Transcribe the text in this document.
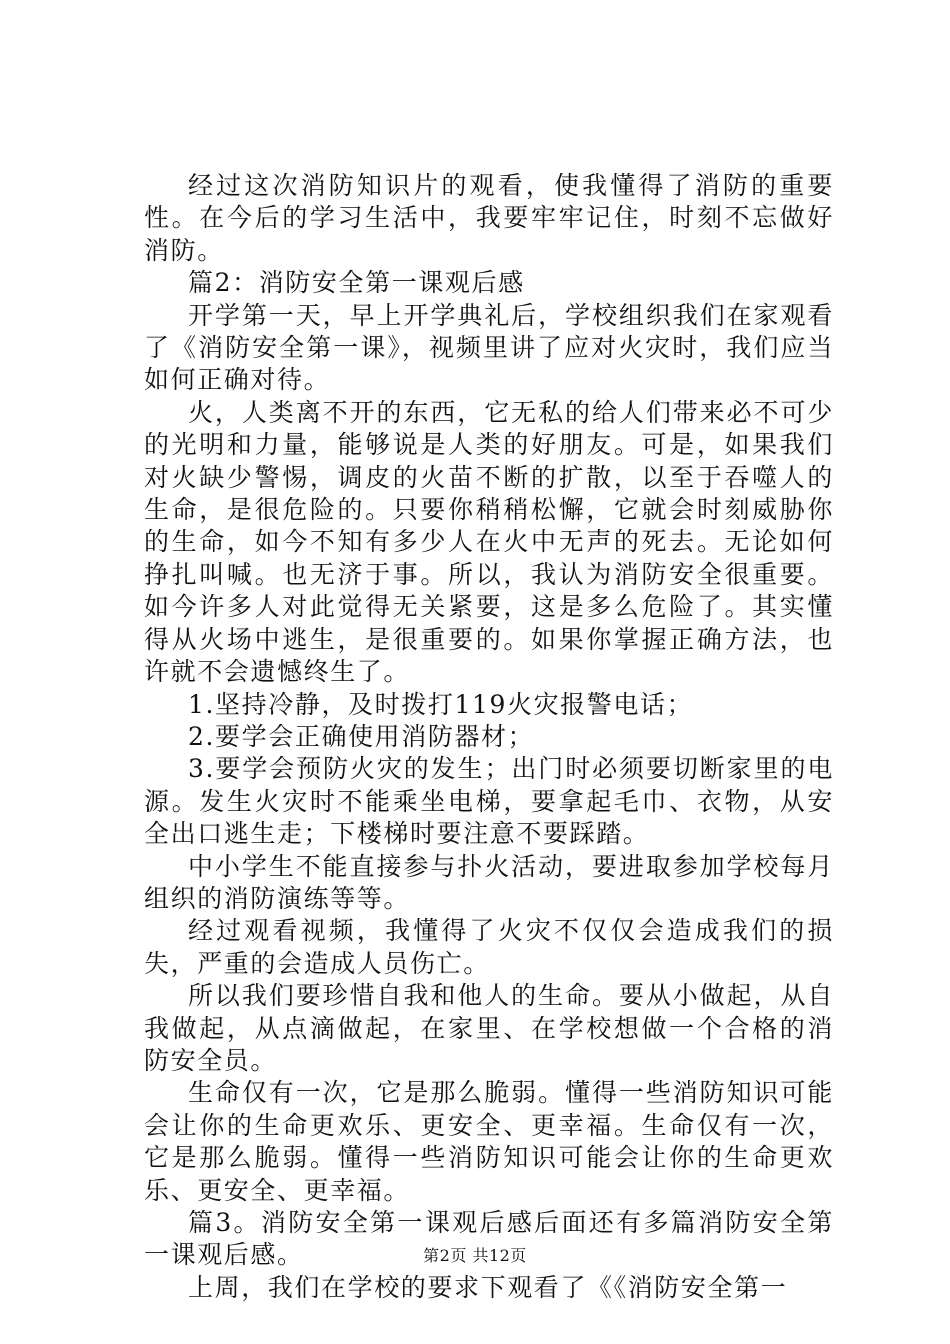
经过这次消防知识片的观看，使我懂得了消防的重要性。在今后的学习生活中，我要牢牢记住，时刻不忘做好消防。

篇2：消防安全第一课观后感

开学第一天，早上开学典礼后，学校组织我们在家观看了《消防安全第一课》，视频里讲了应对火灾时，我们应当如何正确对待。

火，人类离不开的东西，它无私的给人们带来必不可少的光明和力量，能够说是人类的好朋友。可是，如果我们对火缺少警惕，调皮的火苗不断的扩散，以至于吞噬人的生命，是很危险的。只要你稍稍松懈，它就会时刻威胁你的生命，如今不知有多少人在火中无声的死去。无论如何挣扎叫喊。也无济于事。所以，我认为消防安全很重要。如今许多人对此觉得无关紧要，这是多么危险了。其实懂得从火场中逃生，是很重要的。如果你掌握正确方法，也许就不会遗憾终生了。

1.坚持冷静，及时拨打119火灾报警电话；

2.要学会正确使用消防器材；

3.要学会预防火灾的发生；出门时必须要切断家里的电源。发生火灾时不能乘坐电梯，要拿起毛巾、衣物，从安全出口逃生走；下楼梯时要注意不要踩踏。

中小学生不能直接参与扑火活动，要进取参加学校每月组织的消防演练等等。

经过观看视频，我懂得了火灾不仅仅会造成我们的损失，严重的会造成人员伤亡。

所以我们要珍惜自我和他人的生命。要从小做起，从自我做起，从点滴做起，在家里、在学校想做一个合格的消防安全员。

生命仅有一次，它是那么脆弱。懂得一些消防知识可能会让你的生命更欢乐、更安全、更幸福。生命仅有一次，它是那么脆弱。懂得一些消防知识可能会让你的生命更欢乐、更安全、更幸福。

篇3。消防安全第一课观后感后面还有多篇消防安全第一课观后感。

上周，我们在学校的要求下观看了《《消防安全第一

第2页 共12页
